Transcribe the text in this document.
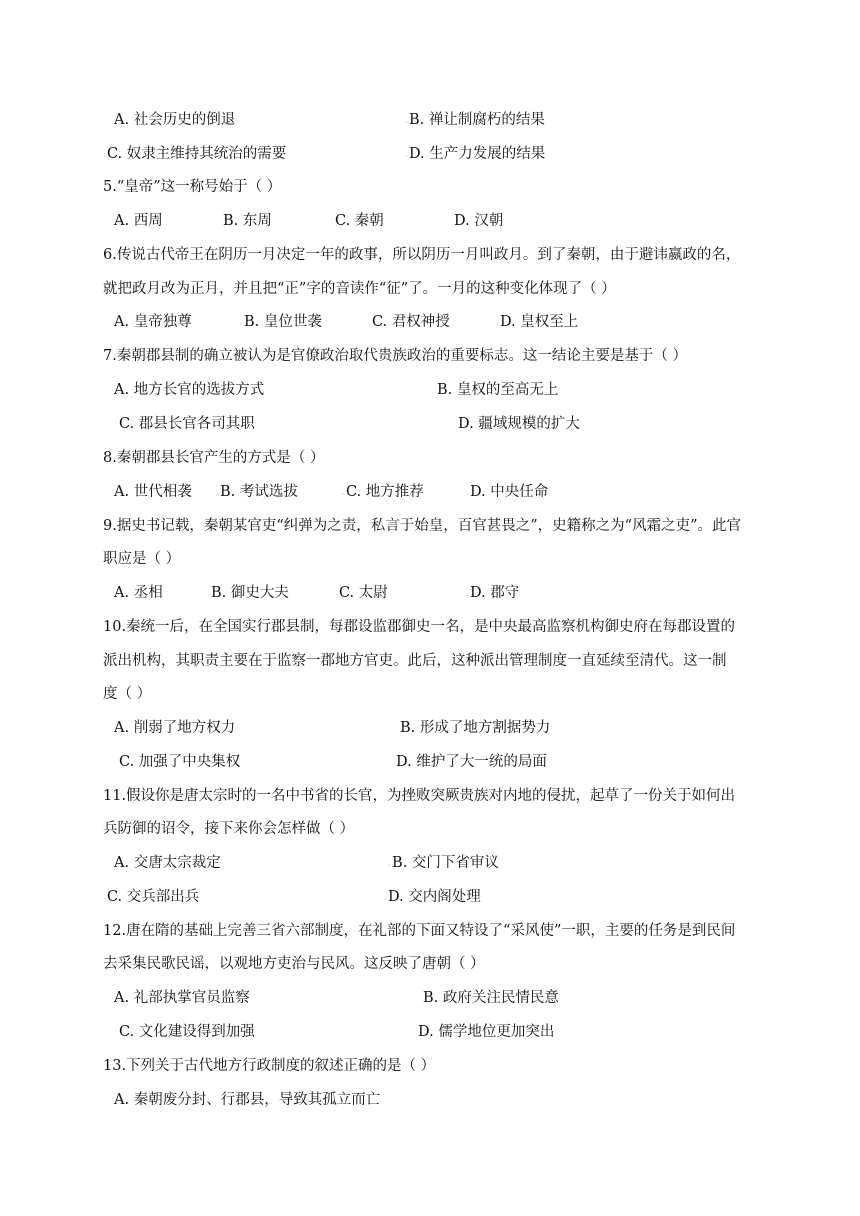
A. 社会历史的倒退	◦B. 禅让制腐朽的结果
◦C. 奴隶主维持其统治的需要	◦D. 生产力发展的结果
5.“皇帝”这一称号始于（ ）
A. 西周	B. 东周	C. 秦朝	D. 汉朝
6.传说古代帝王在阴历一月决定一年的政事，所以阴历一月叫政月。到了秦朝，由于避讳嬴政的名，
就把政月改为正月，并且把“正”字的音读作“征”了。一月的这种变化体现了（ ）
A. 皇帝独尊	◦B. 皇位世袭	◦C. 君权神授	◦D. 皇权至上
7.秦朝郡县制的确立被认为是官僚政治取代贵族政治的重要标志。这一结论主要是基于（ ）
A. 地方长官的选拔方式	B. 皇权的至高无上
C. 郡县长官各司其职	D. 疆域规模的扩大
8.秦朝郡县长官产生的方式是（ ）
A. 世代相袭	◦B. 考试选拔	◦C. 地方推荐	◦D. 中央任命
9.据史书记载，秦朝某官吏“纠弹为之责，私言于始皇，百官甚畏之”，史籍称之为“风霜之吏”。此官
职应是（ ）
A. 丞相	◦B. 御史大夫	◦C. 太尉	◦D. 郡守
10.秦统一后，在全国实行郡县制，每郡设监郡御史一名，是中央最高监察机构御史府在每郡设置的
派出机构，其职责主要在于监察一郡地方官吏。此后，这种派出管理制度一直延续至清代。这一制
度（ ）
A. 削弱了地方权力	B. 形成了地方割据势力
C. 加强了中央集权	D. 维护了大一统的局面
11.假设你是唐太宗时的一名中书省的长官，为挫败突厥贵族对内地的侵扰，起草了一份关于如何出
兵防御的诏令，接下来你会怎样做（ ）
A. 交唐太宗裁定	◦B. 交门下省审议
◦C. 交兵部出兵	◦D. 交内阁处理
12.唐在隋的基础上完善三省六部制度，在礼部的下面又特设了“采风使”一职，主要的任务是到民间
去采集民歌民谣，以观地方吏治与民风。这反映了唐朝（ ）
A. 礼部执掌官员监察	B. 政府关注民情民意
C. 文化建设得到加强	D. 儒学地位更加突出
13.下列关于古代地方行政制度的叙述正确的是（ ）
A. 秦朝废分封、行郡县，导致其孤立而亡
